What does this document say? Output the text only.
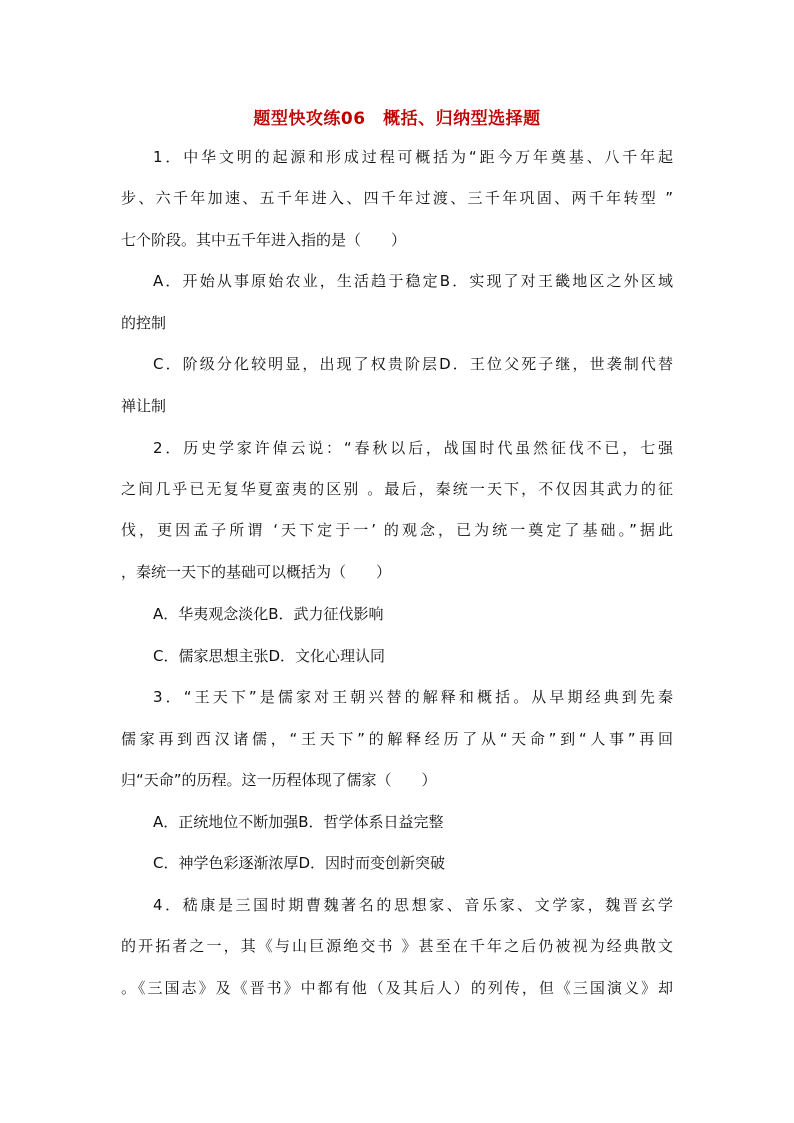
题型快攻练06　概括、归纳型选择题
1．中华文明的起源和形成过程可概括为“距今万年奠基、八千年起
步、六千年加速、五千年进入、四千年过渡、三千年巩固、两千年转型 ”
七个阶段。其中五千年进入指的是（　　）
A．开始从事原始农业，生活趋于稳定B．实现了对王畿地区之外区域
的控制
C．阶级分化较明显，出现了权贵阶层D．王位父死子继，世袭制代替
禅让制
2．历史学家许倬云说：“春秋以后，战国时代虽然征伐不已，七强
之间几乎已无复华夏蛮夷的区别 。最后，秦统一天下，不仅因其武力的征
伐，更因孟子所谓 ‘天下定于一’ 的观念，已为统一奠定了基础。”据此
，秦统一天下的基础可以概括为（　　）
A．华夷观念淡化B．武力征伐影响
C．儒家思想主张D．文化心理认同
3．“王天下”是儒家对王朝兴替的解释和概括。从早期经典到先秦
儒家再到西汉诸儒，“王天下”的解释经历了从“天命”到“人事”再回
归“天命”的历程。这一历程体现了儒家（　　）
A．正统地位不断加强B．哲学体系日益完整
C．神学色彩逐渐浓厚D．因时而变创新突破
4．嵇康是三国时期曹魏著名的思想家、音乐家、文学家，魏晋玄学
的开拓者之一，其《与山巨源绝交书 》甚至在千年之后仍被视为经典散文
。《三国志》及《晋书》中都有他（及其后人）的列传，但《三国演义》却
